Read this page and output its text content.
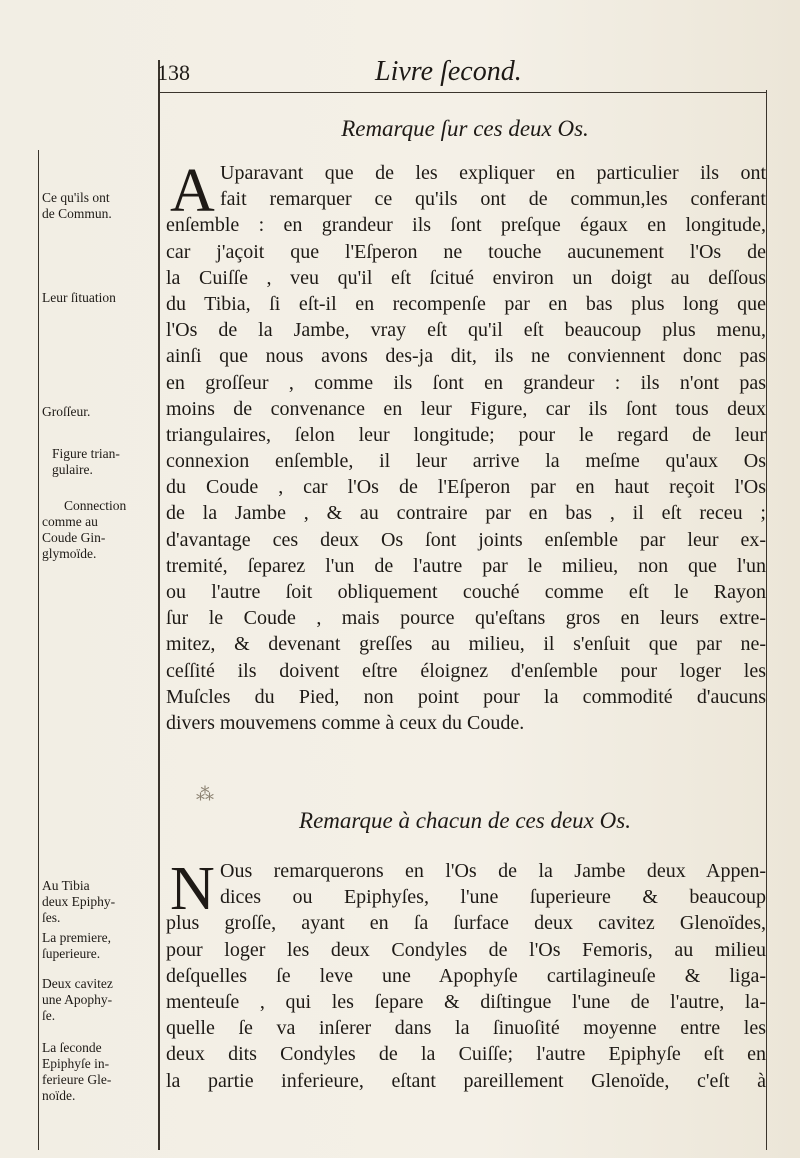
138	Livre ſecond.
Remarque ſur ces deux Os.
A Uparavant que de les expliquer en particulier ils ont
fait remarquer ce qu'ils ont de commun,les conferant
enſemble : en grandeur ils ſont preſque égaux en longitude,
car j'açoit que l'Eſperon ne touche aucunement l'Os de
la Cuiſſe , veu qu'il eſt ſcitué environ un doigt au deſſous
du Tibia, ſi eſt-il en recompenſe par en bas plus long que
l'Os de la Jambe, vray eſt qu'il eſt beaucoup plus menu,
ainſi que nous avons des-ja dit, ils ne conviennent donc pas
en groſſeur , comme ils ſont en grandeur : ils n'ont pas
moins de convenance en leur Figure, car ils ſont tous deux
triangulaires, ſelon leur longitude; pour le regard de leur
connexion enſemble, il leur arrive la meſme qu'aux Os
du Coude , car l'Os de l'Eſperon par en haut reçoit l'Os
de la Jambe , & au contraire par en bas , il eſt receu ;
d'avantage ces deux Os ſont joints enſemble par leur ex-
tremité, ſeparez l'un de l'autre par le milieu, non que l'un
ou l'autre ſoit obliquement couché comme eſt le Rayon
ſur le Coude , mais pource qu'eſtans gros en leurs extre-
mitez, & devenant greſſes au milieu, il s'enſuit que par ne-
ceſſité ils doivent eſtre éloignez d'enſemble pour loger les
Muſcles du Pied, non point pour la commodité d'aucuns
divers mouvemens comme à ceux du Coude.
Remarque à chacun de ces deux Os.
N Ous remarquerons en l'Os de la Jambe deux Appen-
dices ou Epiphyſes, l'une ſuperieure & beaucoup
plus groſſe, ayant en ſa ſurface deux cavitez Glenoïdes,
pour loger les deux Condyles de l'Os Femoris, au milieu
deſquelles ſe leve une Apophyſe cartilagineuſe & liga-
menteuſe , qui les ſepare & diſtingue l'une de l'autre, la-
quelle ſe va inſerer dans la ſinuoſité moyenne entre les
deux dits Condyles de la Cuiſſe; l'autre Epiphyſe eſt en
la partie inferieure, eſtant pareillement Glenoïde, c'eſt à
Ce qu'ils ont
de Commun.
Leur ſituation
Groſſeur.
Figure trian-
gulaire.
Connection
comme au
Coude Gin-
glymoïde.
Au Tibia
deux Epiphy-
ſes.
La premiere,
ſuperieure.
Deux cavitez
une Apophy-
ſe.
La ſeconde
Epiphyſe in-
ferieure Gle-
noïde.
⁂
